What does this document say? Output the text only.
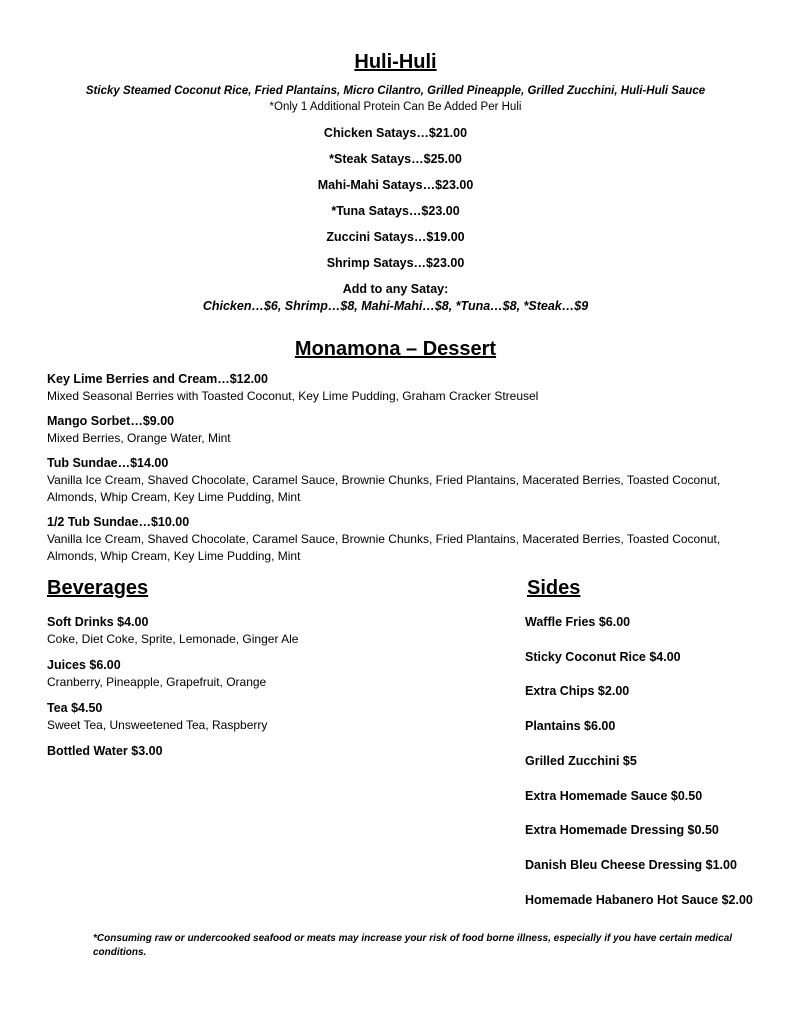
Huli-Huli
Sticky Steamed Coconut Rice, Fried Plantains, Micro Cilantro, Grilled Pineapple, Grilled Zucchini, Huli-Huli Sauce
*Only 1 Additional Protein Can Be Added Per Huli
Chicken Satays…$21.00
*Steak Satays…$25.00
Mahi-Mahi Satays…$23.00
*Tuna Satays…$23.00
Zuccini Satays…$19.00
Shrimp Satays…$23.00
Add to any Satay:
Chicken…$6, Shrimp…$8, Mahi-Mahi…$8, *Tuna…$8, *Steak…$9
Monamona – Dessert
Key Lime Berries and Cream…$12.00
Mixed Seasonal Berries with Toasted Coconut, Key Lime Pudding, Graham Cracker Streusel
Mango Sorbet…$9.00
Mixed Berries, Orange Water, Mint
Tub Sundae…$14.00
Vanilla Ice Cream, Shaved Chocolate, Caramel Sauce, Brownie Chunks, Fried Plantains, Macerated Berries, Toasted Coconut, Almonds, Whip Cream, Key Lime Pudding, Mint
1/2 Tub Sundae…$10.00
Vanilla Ice Cream, Shaved Chocolate, Caramel Sauce, Brownie Chunks, Fried Plantains, Macerated Berries, Toasted Coconut, Almonds, Whip Cream, Key Lime Pudding, Mint
Beverages
Soft Drinks $4.00
Coke, Diet Coke, Sprite, Lemonade, Ginger Ale
Juices $6.00
Cranberry, Pineapple, Grapefruit, Orange
Tea $4.50
Sweet Tea, Unsweetened Tea, Raspberry
Bottled Water $3.00
Sides
Waffle Fries $6.00
Sticky Coconut Rice $4.00
Extra Chips $2.00
Plantains $6.00
Grilled Zucchini $5
Extra Homemade Sauce $0.50
Extra Homemade Dressing $0.50
Danish Bleu Cheese Dressing $1.00
Homemade Habanero Hot Sauce $2.00
*Consuming raw or undercooked seafood or meats may increase your risk of food borne illness, especially if you have certain medical conditions.
